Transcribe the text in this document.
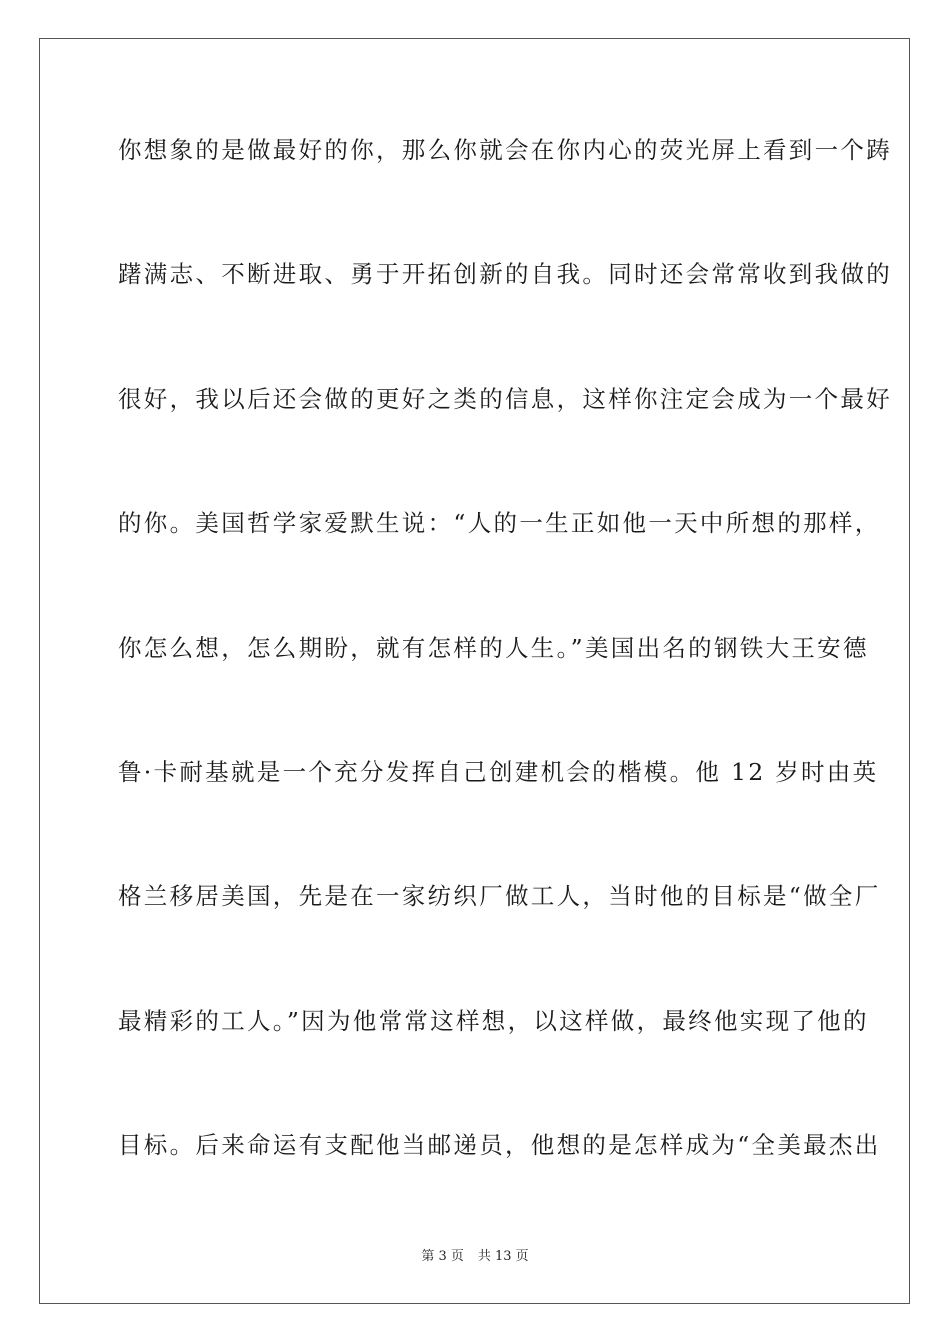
你想象的是做最好的你，那么你就会在你内心的荧光屏上看到一个踌
躇满志、不断进取、勇于开拓创新的自我。同时还会常常收到我做的
很好，我以后还会做的更好之类的信息，这样你注定会成为一个最好
的你。美国哲学家爱默生说：“人的一生正如他一天中所想的那样，
你怎么想，怎么期盼，就有怎样的人生。”美国出名的钢铁大王安德
鲁·卡耐基就是一个充分发挥自己创建机会的楷模。他 12 岁时由英
格兰移居美国，先是在一家纺织厂做工人，当时他的目标是“做全厂
最精彩的工人。”因为他常常这样想，以这样做，最终他实现了他的
目标。后来命运有支配他当邮递员，他想的是怎样成为“全美最杰出
第 3 页 共 13 页
